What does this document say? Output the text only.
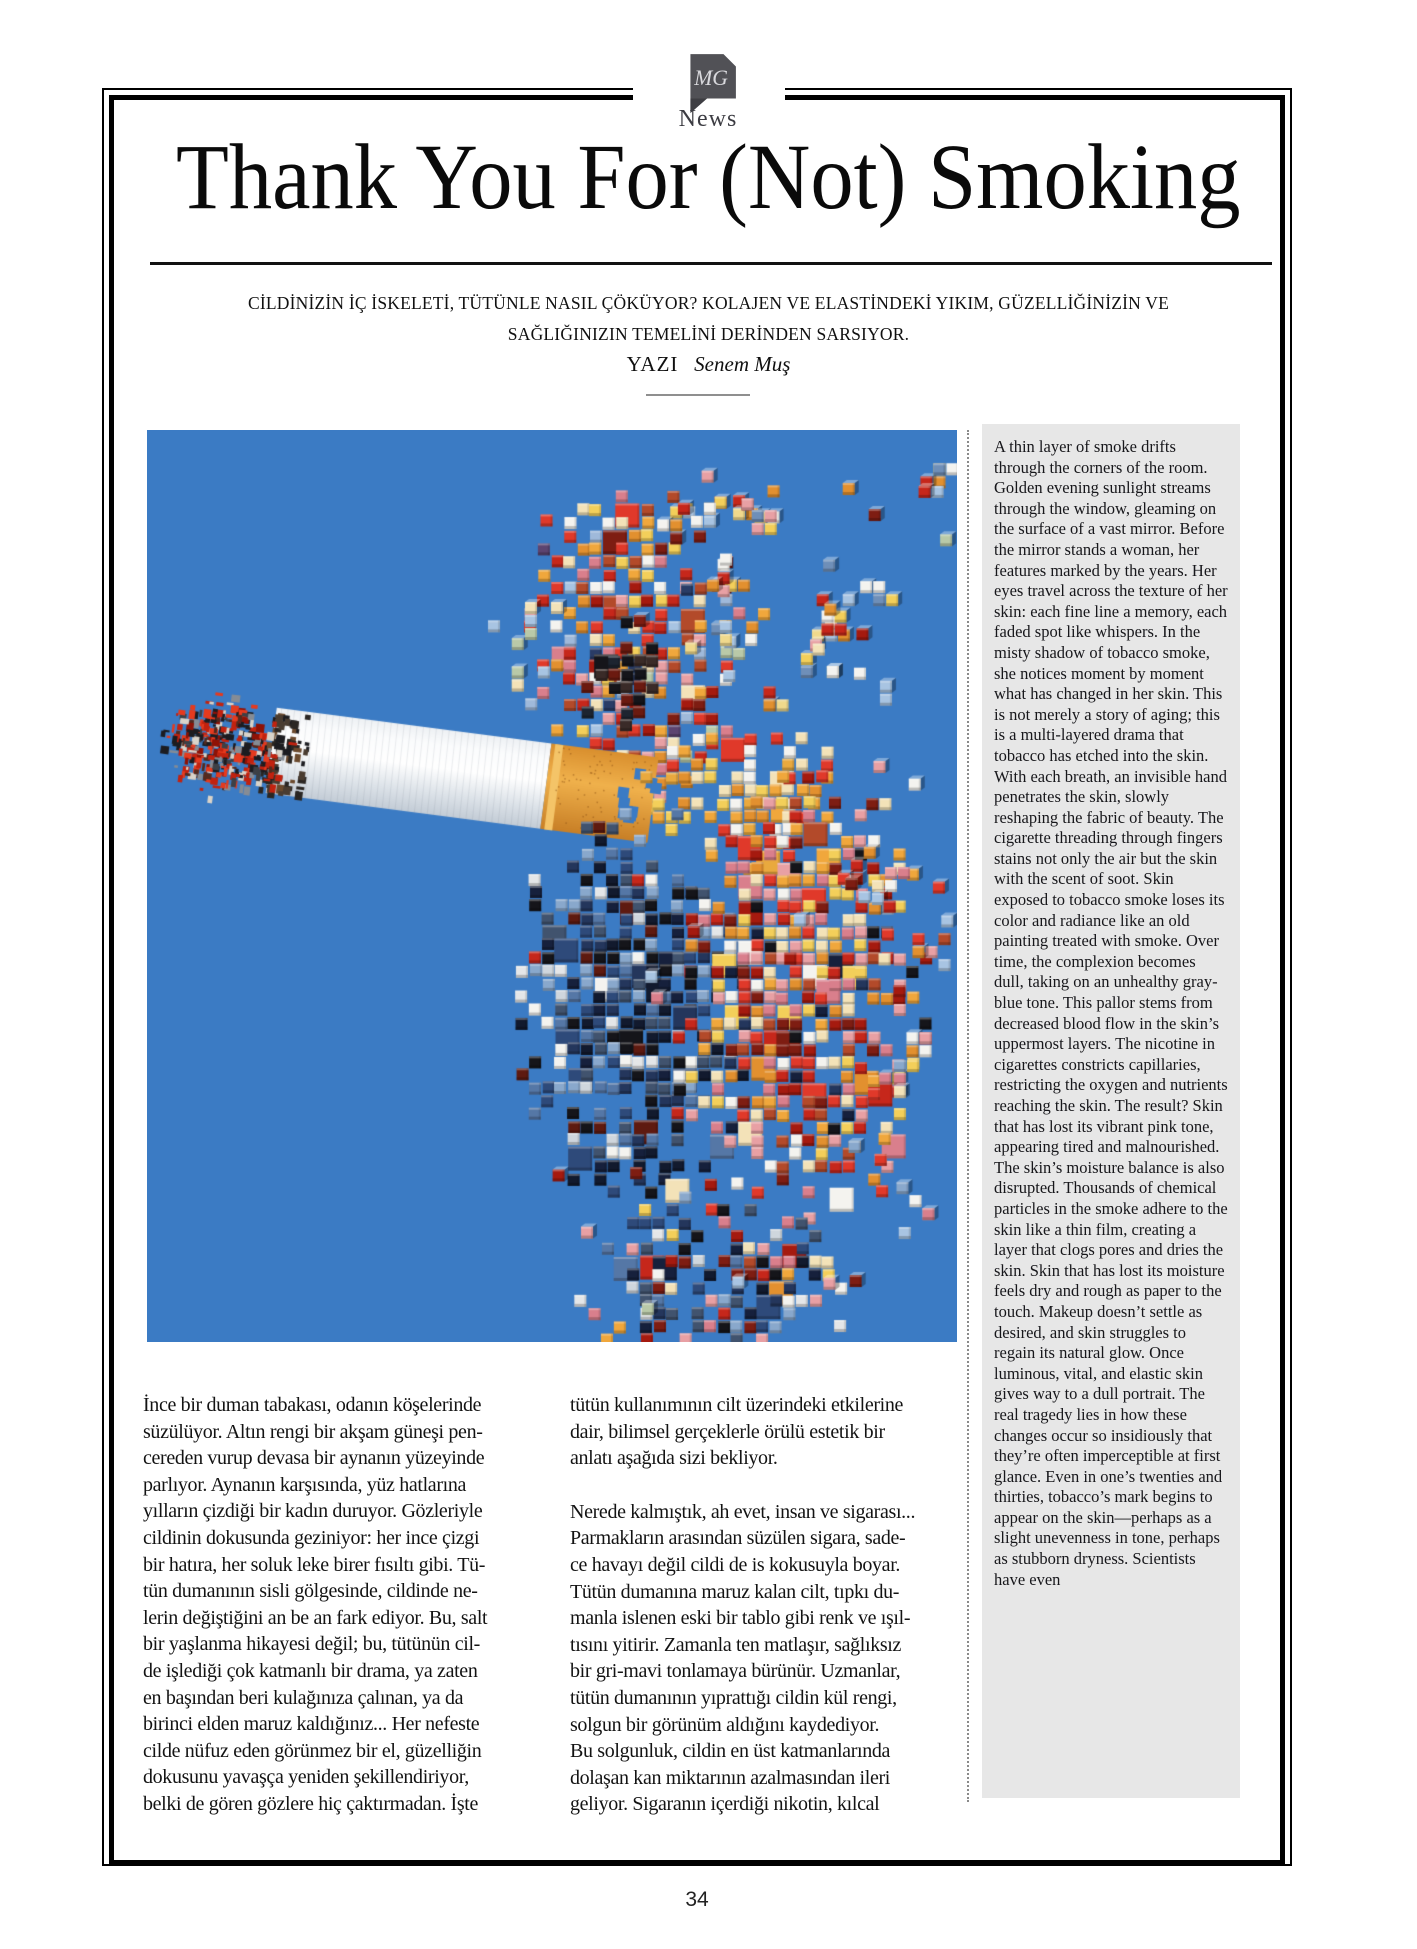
MG
News
Thank You For (Not) Smoking
CİLDİNİZİN İÇ İSKELETİ, TÜTÜNLE NASIL ÇÖKÜYOR? KOLAJEN VE ELASTİNDEKİ YIKIM, GÜZELLİĞİNİZİN VE
SAĞLIĞINIZIN TEMELİNİ DERİNDEN SARSIYOR.
YAZI Senem Muş
A thin layer of smoke drifts through the corners of the room. Golden evening sunlight streams through the window, gleaming on the surface of a vast mirror. Before the mirror stands a woman, her features marked by the years. Her eyes travel across the texture of her skin: each fine line a memory, each faded spot like whispers. In the misty shadow of tobacco smoke, she notices moment by moment what has changed in her skin. This is not merely a story of aging; this is a multi-layered drama that tobacco has etched into the skin. With each breath, an invisible hand penetrates the skin, slowly reshaping the fabric of beauty. The cigarette threading through fingers stains not only the air but the skin with the scent of soot. Skin exposed to tobacco smoke loses its color and radiance like an old painting treated with smoke. Over time, the complexion becomes dull, taking on an unhealthy gray-blue tone. This pallor stems from decreased blood flow in the skin’s uppermost layers. The nicotine in cigarettes constricts capillaries, restricting the oxygen and nutrients reaching the skin. The result? Skin that has lost its vibrant pink tone, appearing tired and malnourished. The skin’s moisture balance is also disrupted. Thousands of chemical particles in the smoke adhere to the skin like a thin film, creating a layer that clogs pores and dries the skin. Skin that has lost its moisture feels dry and rough as paper to the touch. Makeup doesn’t settle as desired, and skin struggles to regain its natural glow. Once luminous, vital, and elastic skin gives way to a dull portrait. The real tragedy lies in how these changes occur so insidiously that they’re often imperceptible at first glance. Even in one’s twenties and thirties, tobacco’s mark begins to appear on the skin—perhaps as a slight unevenness in tone, perhaps as stubborn dryness. Scientists have even
İnce bir duman tabakası, odanın köşelerinde
süzülüyor. Altın rengi bir akşam güneşi pen-
cereden vurup devasa bir aynanın yüzeyinde
parlıyor. Aynanın karşısında, yüz hatlarına
yılların çizdiği bir kadın duruyor. Gözleriyle
cildinin dokusunda geziniyor: her ince çizgi
bir hatıra, her soluk leke birer fısıltı gibi. Tü-
tün dumanının sisli gölgesinde, cildinde ne-
lerin değiştiğini an be an fark ediyor. Bu, salt
bir yaşlanma hikayesi değil; bu, tütünün cil-
de işlediği çok katmanlı bir drama, ya zaten
en başından beri kulağınıza çalınan, ya da
birinci elden maruz kaldığınız... Her nefeste
cilde nüfuz eden görünmez bir el, güzelliğin
dokusunu yavaşça yeniden şekillendiriyor,
belki de gören gözlere hiç çaktırmadan. İşte
tütün kullanımının cilt üzerindeki etkilerine
dair, bilimsel gerçeklerle örülü estetik bir
anlatı aşağıda sizi bekliyor.
Nerede kalmıştık, ah evet, insan ve sigarası...
Parmakların arasından süzülen sigara, sade-
ce havayı değil cildi de is kokusuyla boyar.
Tütün dumanına maruz kalan cilt, tıpkı du-
manla islenen eski bir tablo gibi renk ve ışıl-
tısını yitirir. Zamanla ten matlaşır, sağlıksız
bir gri-mavi tonlamaya bürünür. Uzmanlar,
tütün dumanının yıprattığı cildin kül rengi,
solgun bir görünüm aldığını kaydediyor.
Bu solgunluk, cildin en üst katmanlarında
dolaşan kan miktarının azalmasından ileri
geliyor. Sigaranın içerdiği nikotin, kılcal
34
